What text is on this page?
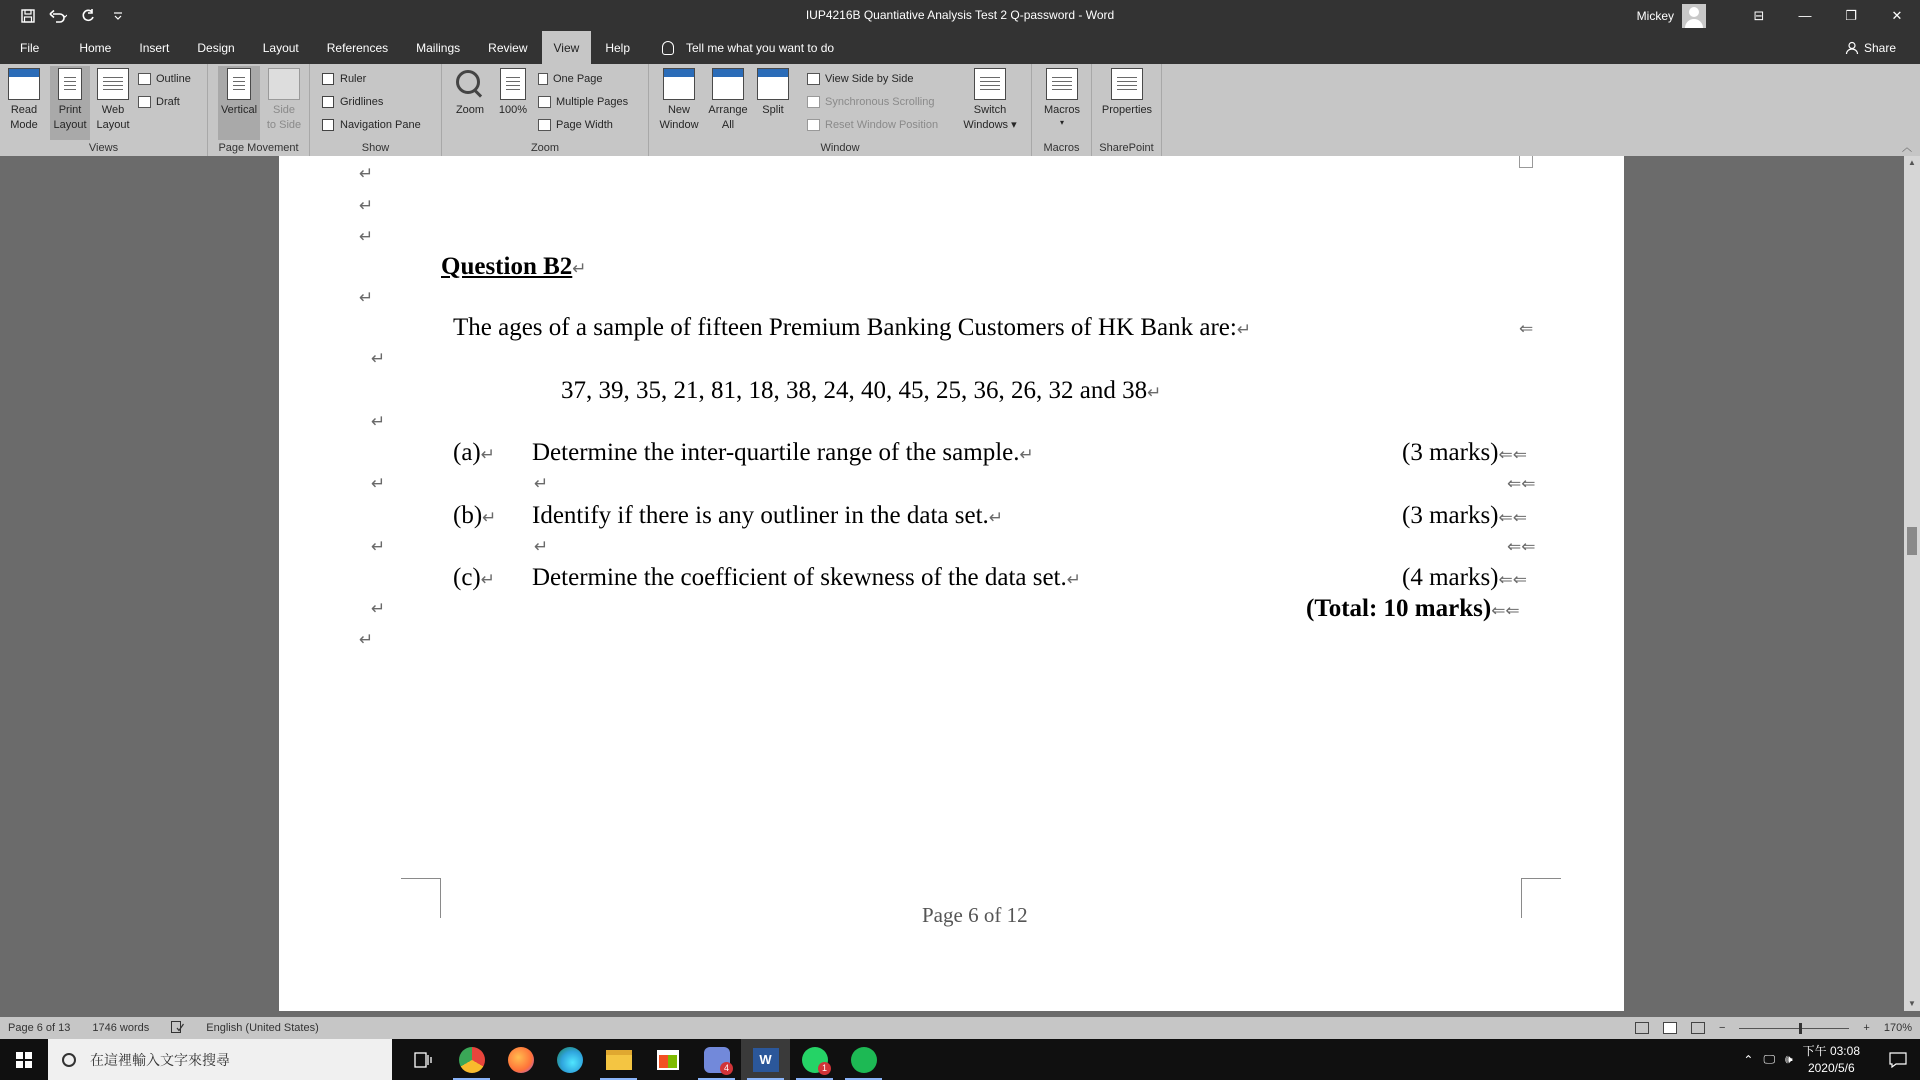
IUP4216B Quantiative Analysis Test 2 Q-password - Word	Mickey	⊟	—	❐	✕
File	Home	Insert	Design	Layout	References	Mailings	Review	View	Help	Tell me what you want to do	Share
Read
Mode
Print
Layout
Web
Layout
Outline
Draft
Views
Vertical Side
to Side
Page Movement
Ruler
Gridlines
Navigation Pane
Show
Zoom 100%
One Page
Multiple Pages
Page Width
Zoom
New
Window
Arrange
All
Split
View Side by Side
Synchronous Scrolling
Reset Window Position
Switch
Windows ▾
Window
Macros
▾
Macros
Properties
SharePoint	︿
↵
↵
↵
Question B2↵
↵
The ages of a sample of fifteen Premium Banking Customers of HK Bank are:↵	⇐
↵
37, 39, 35, 21, 81, 18, 38, 24, 40, 45, 25, 36, 26, 32 and 38↵
↵
(a)↵ Determine the inter-quartile range of the sample.↵	(3 marks)⇐⇐
↵	↵	⇐⇐
(b)↵ Identify if there is any outliner in the data set.↵	(3 marks)⇐⇐
↵	↵	⇐⇐
(c)↵ Determine the coefficient of skewness of the data set.↵	(4 marks)⇐⇐
↵	(Total: 10 marks)⇐⇐
↵
Page 6 of 12
▲
▼
Page 6 of 13 1746 words	English (United States)	−	+ 170%
在這裡輸入文字來搜尋
4
W
1
⌃ 🖵 🕪
下午 03:08
2020/5/6
